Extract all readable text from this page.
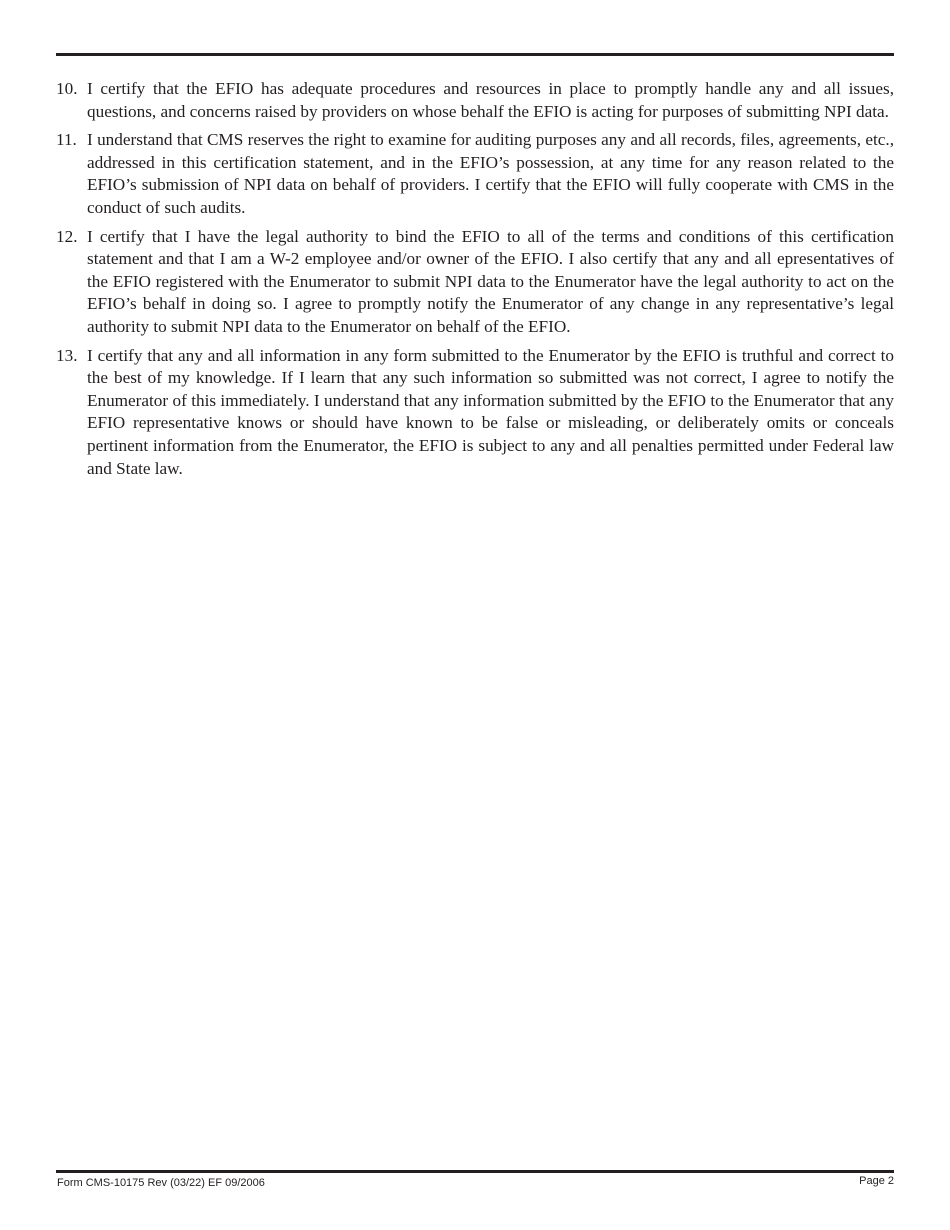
10. I certify that the EFIO has adequate procedures and resources in place to promptly handle any and all issues, questions, and concerns raised by providers on whose behalf the EFIO is acting for purposes of submitting NPI data.
11. I understand that CMS reserves the right to examine for auditing purposes any and all records, files, agreements, etc., addressed in this certification statement, and in the EFIO’s possession, at any time for any reason related to the EFIO’s submission of NPI data on behalf of providers. I certify that the EFIO will fully cooperate with CMS in the conduct of such audits.
12. I certify that I have the legal authority to bind the EFIO to all of the terms and conditions of this certification statement and that I am a W-2 employee and/or owner of the EFIO. I also certify that any and all epresentatives of the EFIO registered with the Enumerator to submit NPI data to the Enumerator have the legal authority to act on the EFIO’s behalf in doing so. I agree to promptly notify the Enumerator of any change in any representative’s legal authority to submit NPI data to the Enumerator on behalf of the EFIO.
13. I certify that any and all information in any form submitted to the Enumerator by the EFIO is truthful and correct to the best of my knowledge. If I learn that any such information so submitted was not correct, I agree to notify the Enumerator of this immediately. I understand that any information submitted by the EFIO to the Enumerator that any EFIO representative knows or should have known to be false or misleading, or deliberately omits or conceals pertinent information from the Enumerator, the EFIO is subject to any and all penalties permitted under Federal law and State law.
Form CMS-10175 Rev (03/22) EF 09/2006	Page 2
